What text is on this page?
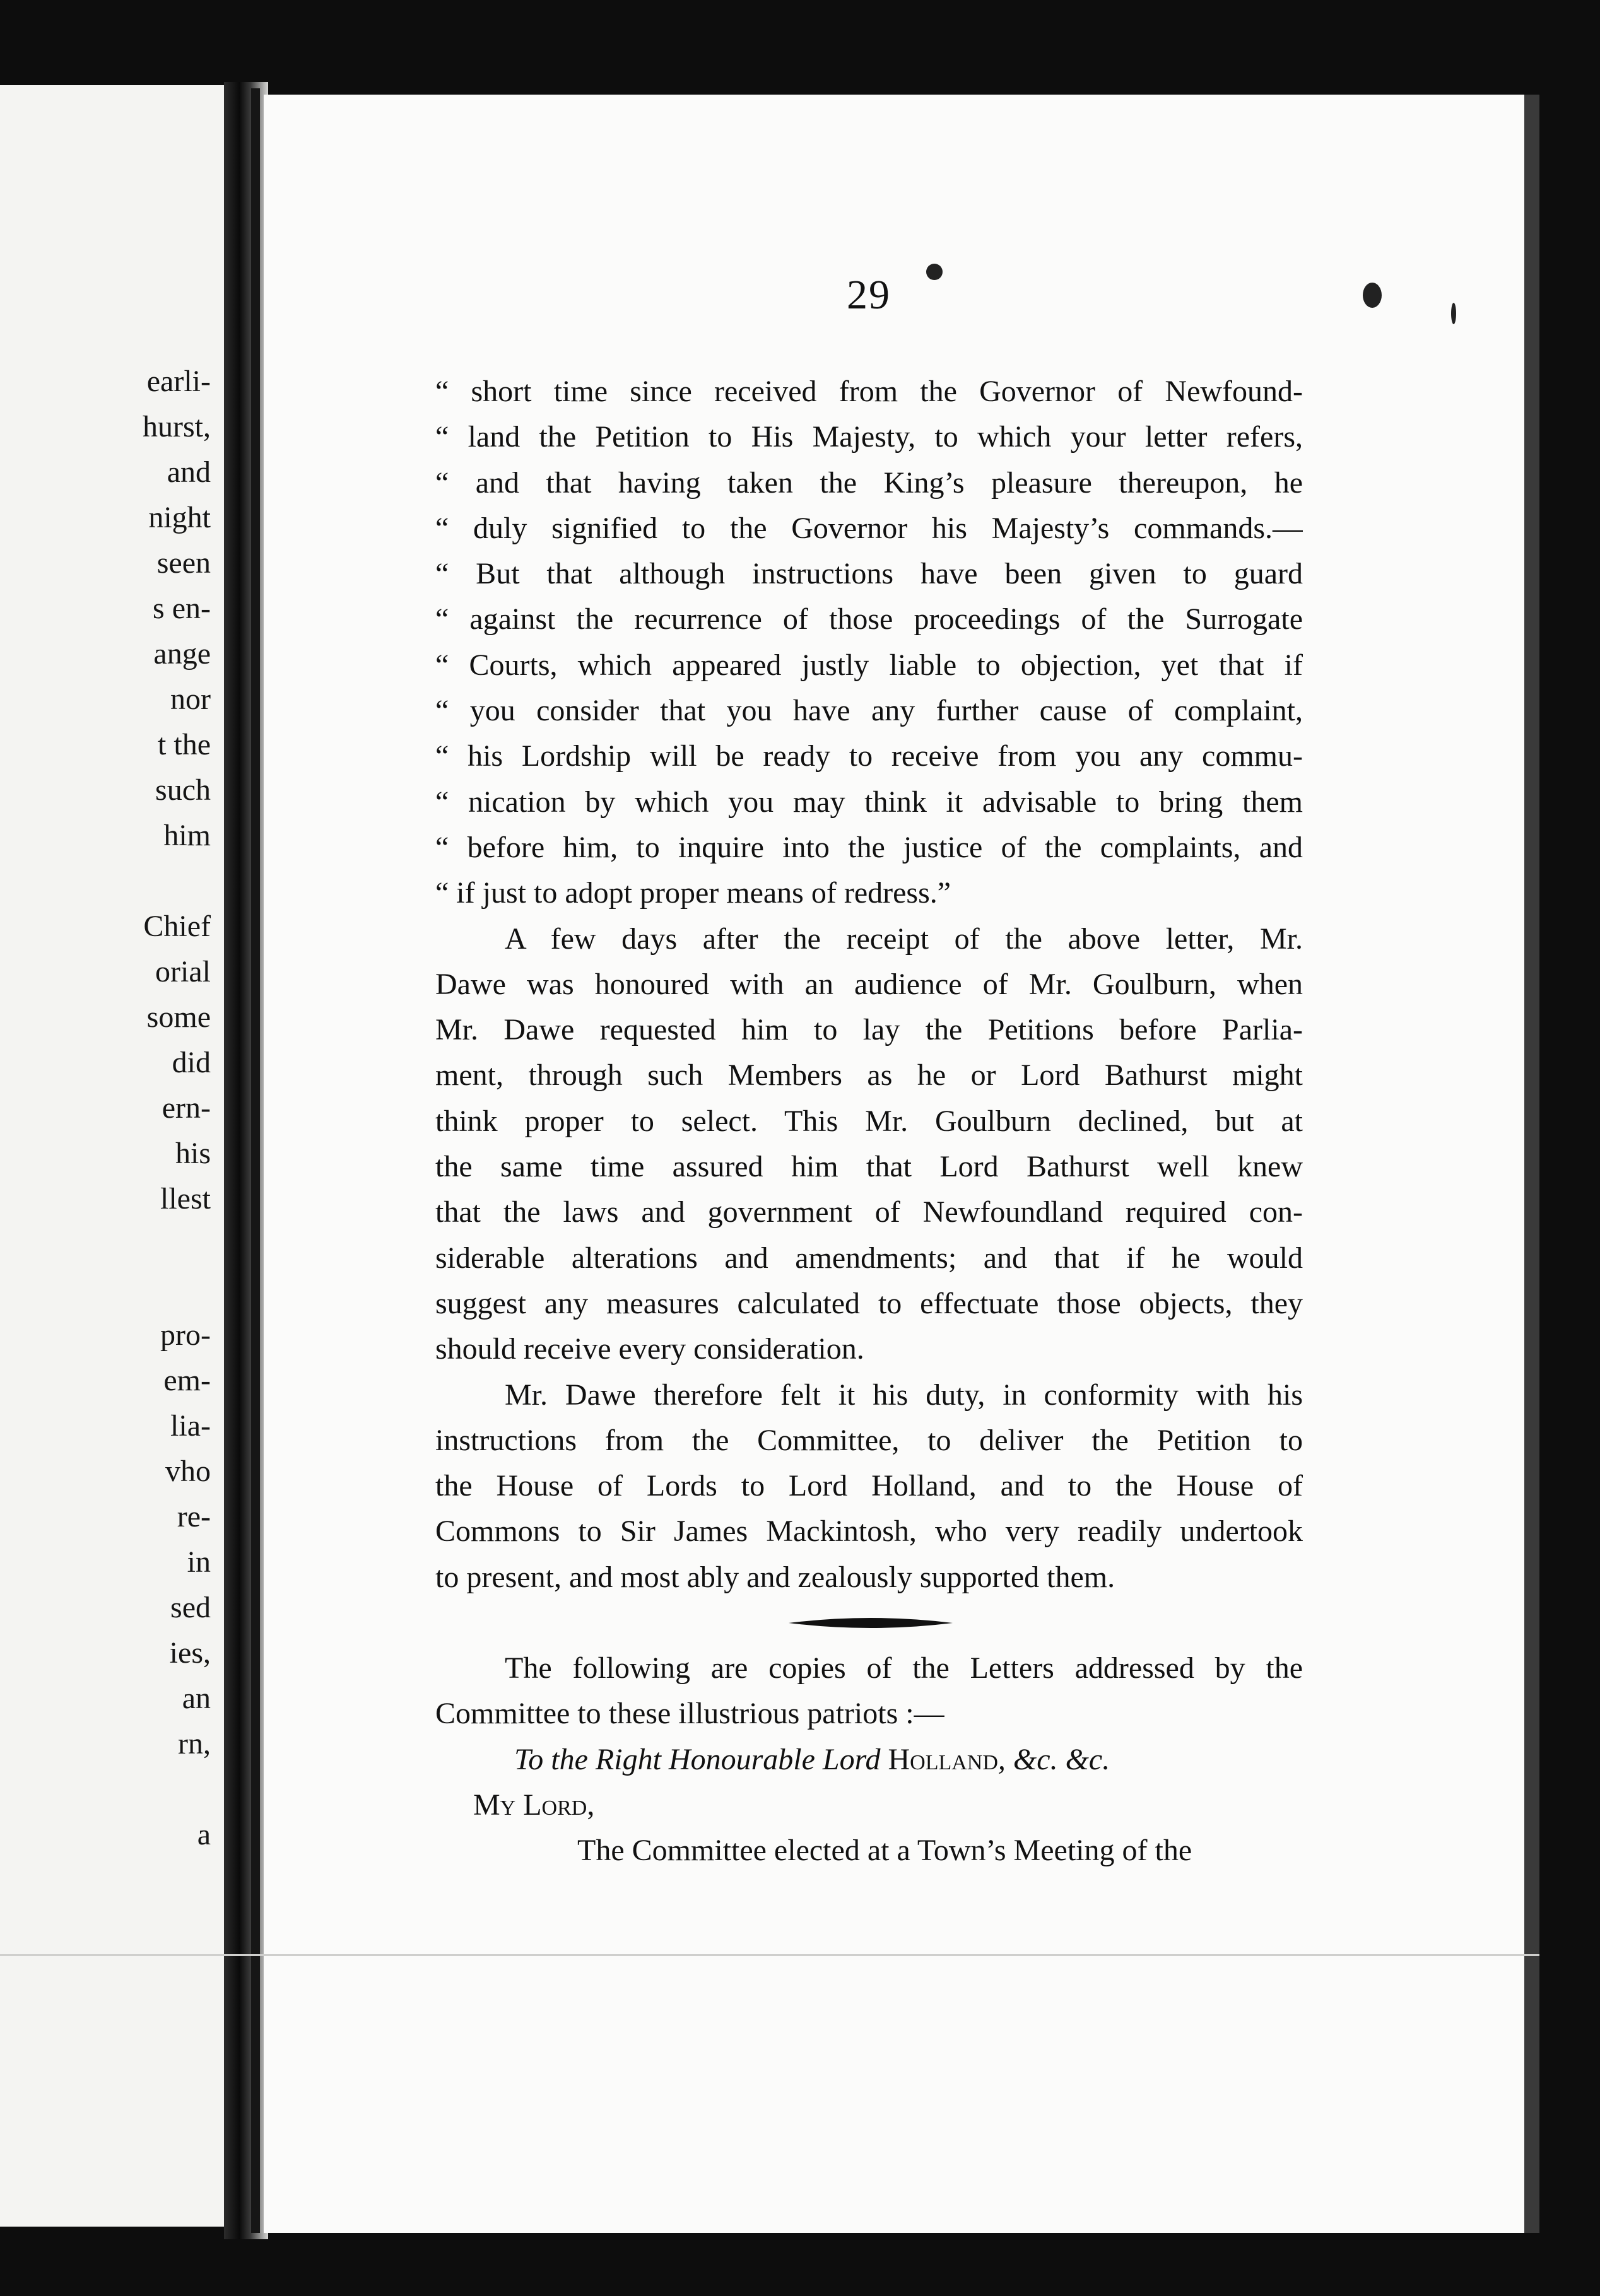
earli-
hurst,
and
night
seen
s en-
ange
nor
t the
such
him
Chief
orial
some
did
ern-
his
llest
pro-
em-
lia-
vho
re-
in
sed
ies,
an
rn,
a
29
“ short time since received from the Governor of Newfound-
“ land the Petition to His Majesty, to which your letter refers,
“ and that having taken the King’s pleasure thereupon, he
“ duly signified to the Governor his Majesty’s commands.—
“ But that although instructions have been given to guard
“ against the recurrence of those proceedings of the Surrogate
“ Courts, which appeared justly liable to objection, yet that if
“ you consider that you have any further cause of complaint,
“ his Lordship will be ready to receive from you any commu-
“ nication by which you may think it advisable to bring them
“ before him, to inquire into the justice of the complaints, and
“ if just to adopt proper means of redress.”
A few days after the receipt of the above letter, Mr.
Dawe was honoured with an audience of Mr. Goulburn, when
Mr. Dawe requested him to lay the Petitions before Parlia-
ment, through such Members as he or Lord Bathurst might
think proper to select. This Mr. Goulburn declined, but at
the same time assured him that Lord Bathurst well knew
that the laws and government of Newfoundland required con-
siderable alterations and amendments; and that if he would
suggest any measures calculated to effectuate those objects, they
should receive every consideration.
Mr. Dawe therefore felt it his duty, in conformity with his
instructions from the Committee, to deliver the Petition to
the House of Lords to Lord Holland, and to the House of
Commons to Sir James Mackintosh, who very readily undertook
to present, and most ably and zealously supported them.
The following are copies of the Letters addressed by the
Committee to these illustrious patriots :—
To the Right Honourable Lord Holland, &c. &c.
My Lord,
The Committee elected at a Town’s Meeting of the
